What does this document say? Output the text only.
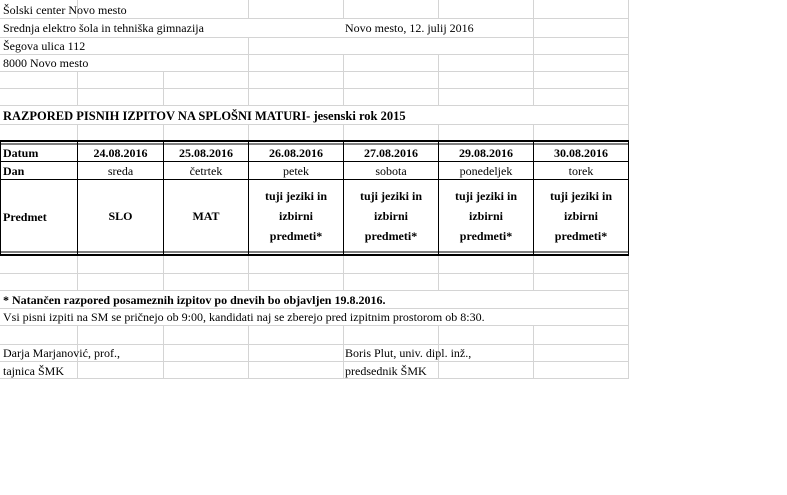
Šolski center Novo mesto
Srednja elektro šola in tehniška gimnazija	Novo mesto, 12. julij 2016
Šegova ulica 112
8000 Novo mesto
RAZPORED PISNIH IZPITOV NA SPLOŠNI MATURI- jesenski rok 2015
Datum
Dan
Predmet
24.08.2016
sreda
SLO
25.08.2016
četrtek
MAT
26.08.2016
petek
tuji jeziki in
izbirni
predmeti*
27.08.2016
sobota
tuji jeziki in
izbirni
predmeti*
29.08.2016
ponedeljek
tuji jeziki in
izbirni
predmeti*
30.08.2016
torek
tuji jeziki in
izbirni
predmeti*
* Natančen razpored posameznih izpitov po dnevih bo objavljen 19.8.2016.
Vsi pisni izpiti na SM se pričnejo ob 9:00, kandidati naj se zberejo pred izpitnim prostorom ob 8:30.
Darja Marjanović, prof.,
tajnica ŠMK
Boris Plut, univ. dipl. inž.,
predsednik ŠMK
